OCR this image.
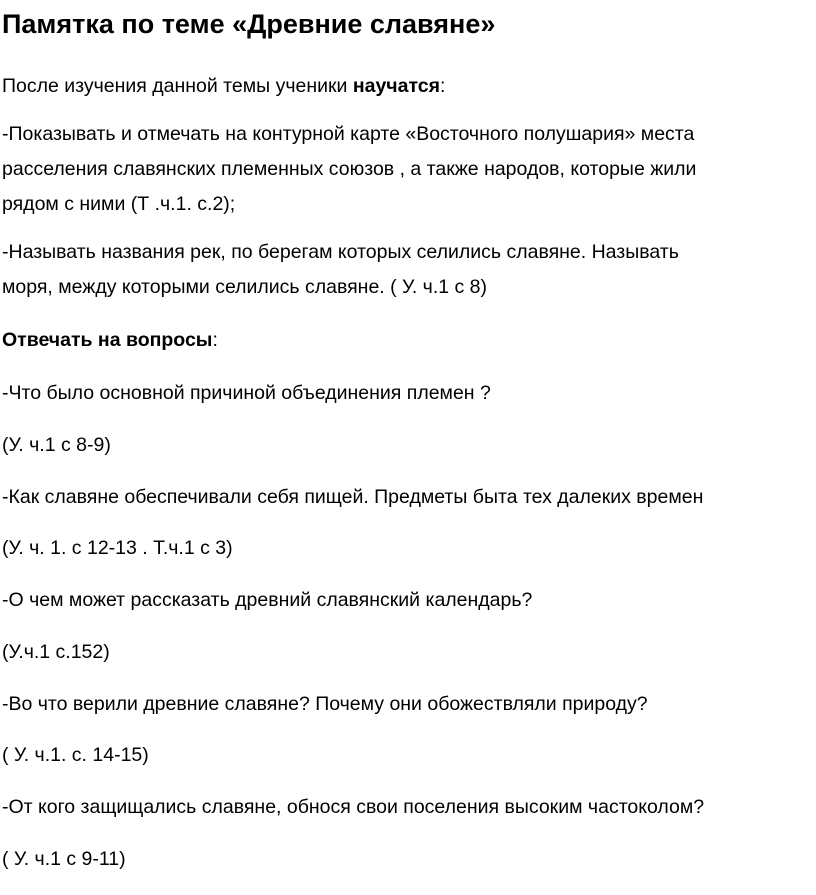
Памятка по теме «Древние славяне»

После изучения данной темы ученики научатся:

-Показывать и отмечать на контурной карте «Восточного полушария» места

расселения славянских племенных союзов , а также народов, которые жили

рядом с ними (Т .ч.1. с.2);

-Называть названия рек, по берегам которых селились славяне. Называть

моря, между которыми селились славяне. ( У. ч.1 с 8)

Отвечать на вопросы:

-Что было основной причиной объединения племен ?

(У. ч.1 с 8-9)

-Как славяне обеспечивали себя пищей. Предметы быта тех далеких времен

(У. ч. 1. с 12-13 . Т.ч.1 с 3)

-О чем может рассказать древний славянский календарь?

(У.ч.1 с.152)

-Во что верили древние славяне? Почему они обожествляли природу?

( У. ч.1. с. 14-15)

-От кого защищались славяне, обнося свои поселения высоким частоколом?

( У. ч.1 с 9-11)
